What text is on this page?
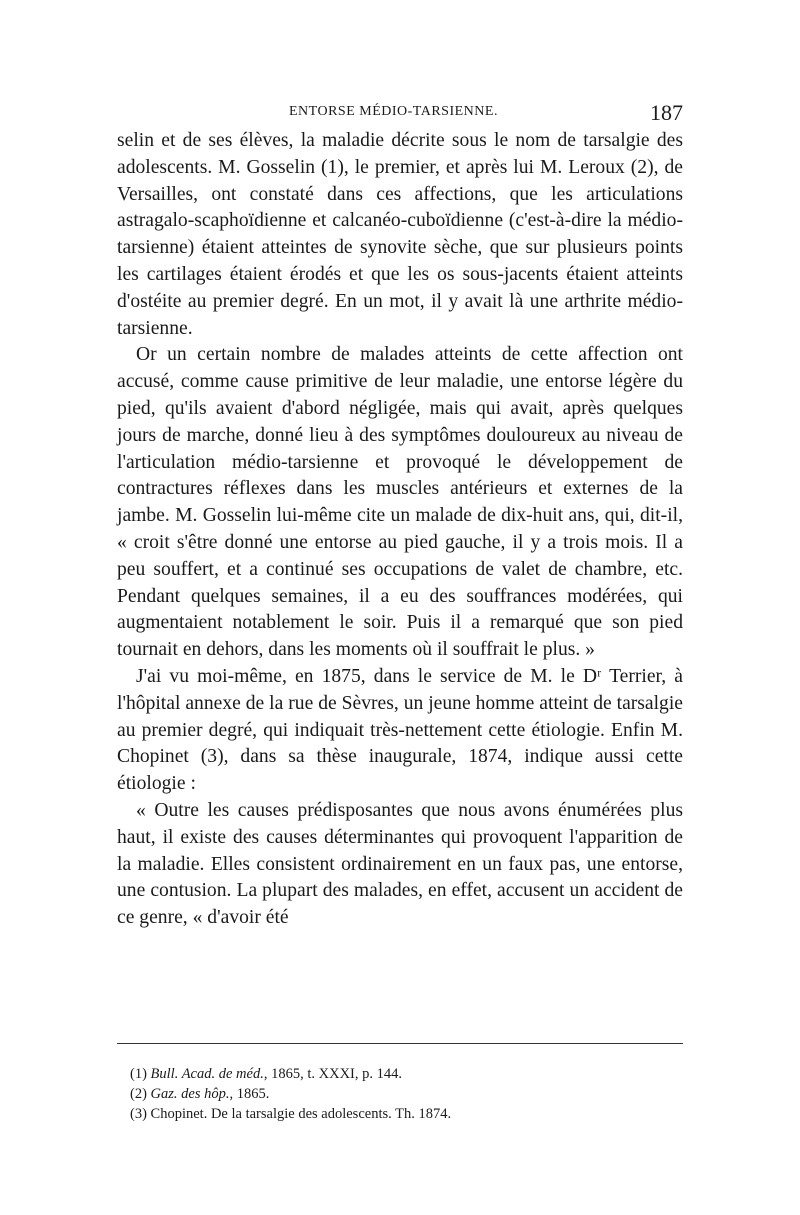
ENTORSE MÉDIO-TARSIENNE.	187

selin et de ses élèves, la maladie décrite sous le nom de tarsalgie des adolescents. M. Gosselin (1), le premier, et après lui M. Leroux (2), de Versailles, ont constaté dans ces affections, que les articulations astragalo-scaphoïdienne et calcanéo-cuboïdienne (c'est-à-dire la médio-tarsienne) étaient atteintes de synovite sèche, que sur plusieurs points les cartilages étaient érodés et que les os sous-jacents étaient atteints d'ostéite au premier degré. En un mot, il y avait là une arthrite médio-tarsienne.

Or un certain nombre de malades atteints de cette affection ont accusé, comme cause primitive de leur maladie, une entorse légère du pied, qu'ils avaient d'abord négligée, mais qui avait, après quelques jours de marche, donné lieu à des symptômes douloureux au niveau de l'articulation médio-tarsienne et provoqué le développement de contractures réflexes dans les muscles antérieurs et externes de la jambe. M. Gosselin lui-même cite un malade de dix-huit ans, qui, dit-il, « croit s'être donné une entorse au pied gauche, il y a trois mois. Il a peu souffert, et a continué ses occupations de valet de chambre, etc. Pendant quelques semaines, il a eu des souffrances modérées, qui augmentaient notablement le soir. Puis il a remarqué que son pied tournait en dehors, dans les moments où il souffrait le plus. »

J'ai vu moi-même, en 1875, dans le service de M. le Dʳ Terrier, à l'hôpital annexe de la rue de Sèvres, un jeune homme atteint de tarsalgie au premier degré, qui indiquait très-nettement cette étiologie. Enfin M. Chopinet (3), dans sa thèse inaugurale, 1874, indique aussi cette étiologie :

« Outre les causes prédisposantes que nous avons énumérées plus haut, il existe des causes déterminantes qui provoquent l'apparition de la maladie. Elles consistent ordinairement en un faux pas, une entorse, une contusion. La plupart des malades, en effet, accusent un accident de ce genre, « d'avoir été

(1) Bull. Acad. de méd., 1865, t. XXXI, p. 144.

(2) Gaz. des hôp., 1865.

(3) Chopinet. De la tarsalgie des adolescents. Th. 1874.
